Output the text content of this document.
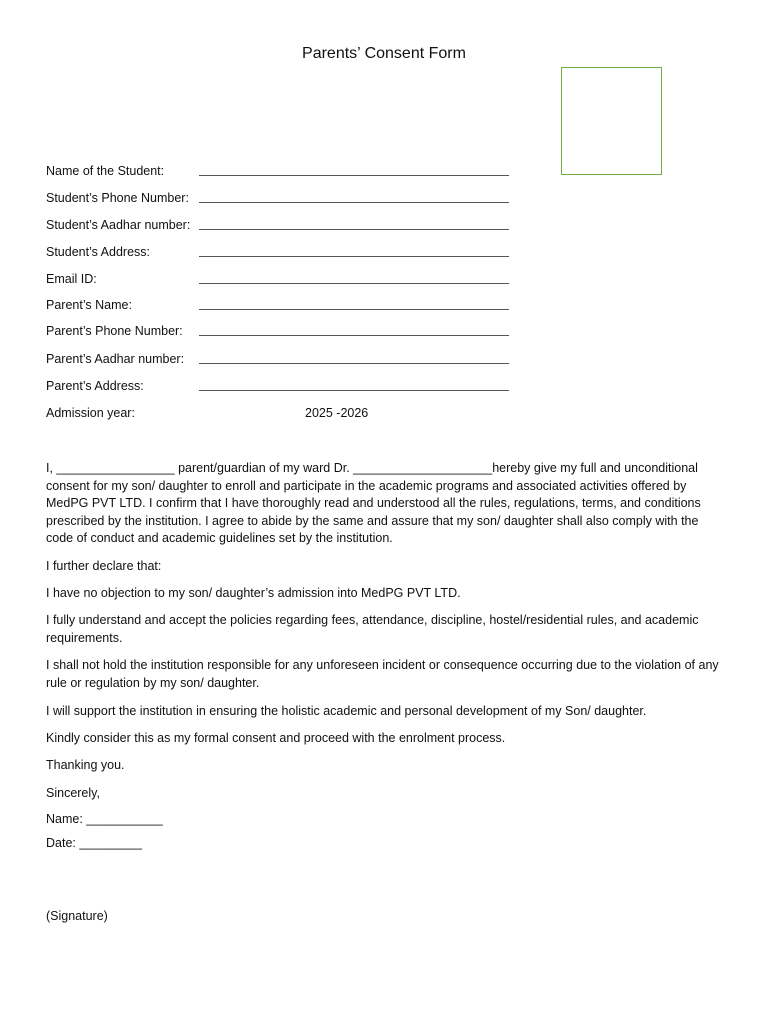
Parents’ Consent Form
Name of the Student:
Student’s Phone Number:
Student’s Aadhar number:
Student’s Address:
Email ID:
Parent’s Name:
Parent’s Phone Number:
Parent’s Aadhar number:
Parent’s Address:
Admission year:	2025 -2026

I, _________________ parent/guardian of my ward Dr. ____________________hereby give my full and unconditional consent for my son/ daughter to enroll and participate in the academic programs and associated activities offered by MedPG PVT LTD. I confirm that I have thoroughly read and understood all the rules, regulations, terms, and conditions prescribed by the institution. I agree to abide by the same and assure that my son/ daughter shall also comply with the code of conduct and academic guidelines set by the institution.

I further declare that:

I have no objection to my son/ daughter’s admission into MedPG PVT LTD.

I fully understand and accept the policies regarding fees, attendance, discipline, hostel/residential rules, and academic requirements.

I shall not hold the institution responsible for any unforeseen incident or consequence occurring due to the violation of any rule or regulation by my son/ daughter.

I will support the institution in ensuring the holistic academic and personal development of my Son/ daughter.

Kindly consider this as my formal consent and proceed with the enrolment process.

Thanking you.

Sincerely,

Name: ___________

Date: _________

(Signature)
